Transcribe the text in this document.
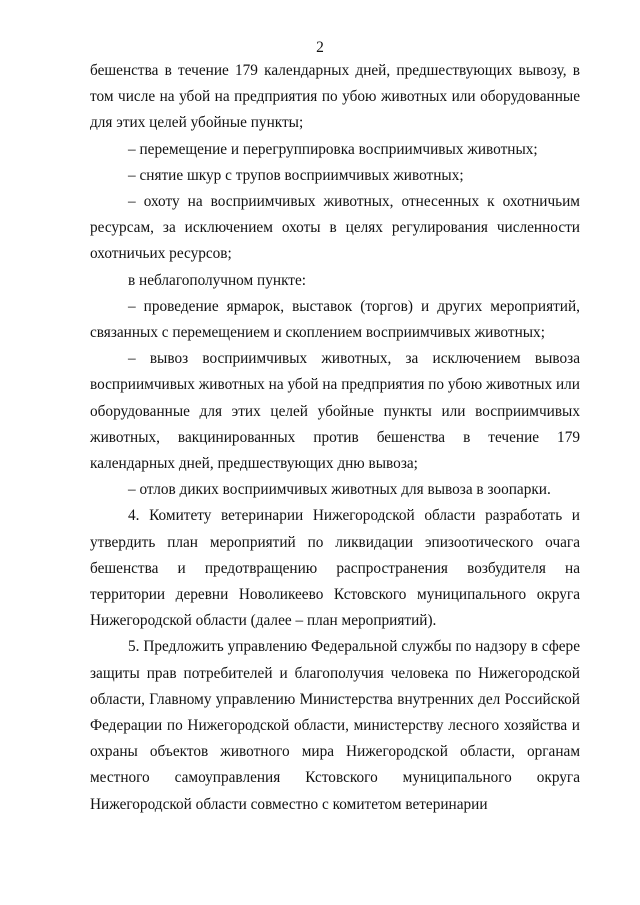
2

бешенства в течение 179 календарных дней, предшествующих вывозу, в том числе на убой на предприятия по убою животных или оборудованные для этих целей убойные пункты;

– перемещение и перегруппировка восприимчивых животных;

– снятие шкур с трупов восприимчивых животных;

– охоту на восприимчивых животных, отнесенных к охотничьим ресурсам, за исключением охоты в целях регулирования численности охотничьих ресурсов;

в неблагополучном пункте:

– проведение ярмарок, выставок (торгов) и других мероприятий, связанных с перемещением и скоплением восприимчивых животных;

– вывоз восприимчивых животных, за исключением вывоза восприимчивых животных на убой на предприятия по убою животных или оборудованные для этих целей убойные пункты или восприимчивых животных, вакцинированных против бешенства в течение 179 календарных дней, предшествующих дню вывоза;

– отлов диких восприимчивых животных для вывоза в зоопарки.

4. Комитету ветеринарии Нижегородской области разработать и утвердить план мероприятий по ликвидации эпизоотического очага бешенства и предотвращению распространения возбудителя на территории деревни Новоликеево Кстовского муниципального округа Нижегородской области (далее – план мероприятий).

5. Предложить управлению Федеральной службы по надзору в сфере защиты прав потребителей и благополучия человека по Нижегородской области, Главному управлению Министерства внутренних дел Российской Федерации по Нижегородской области, министерству лесного хозяйства и охраны объектов животного мира Нижегородской области, органам местного самоуправления Кстовского муниципального округа Нижегородской области совместно с комитетом ветеринарии
